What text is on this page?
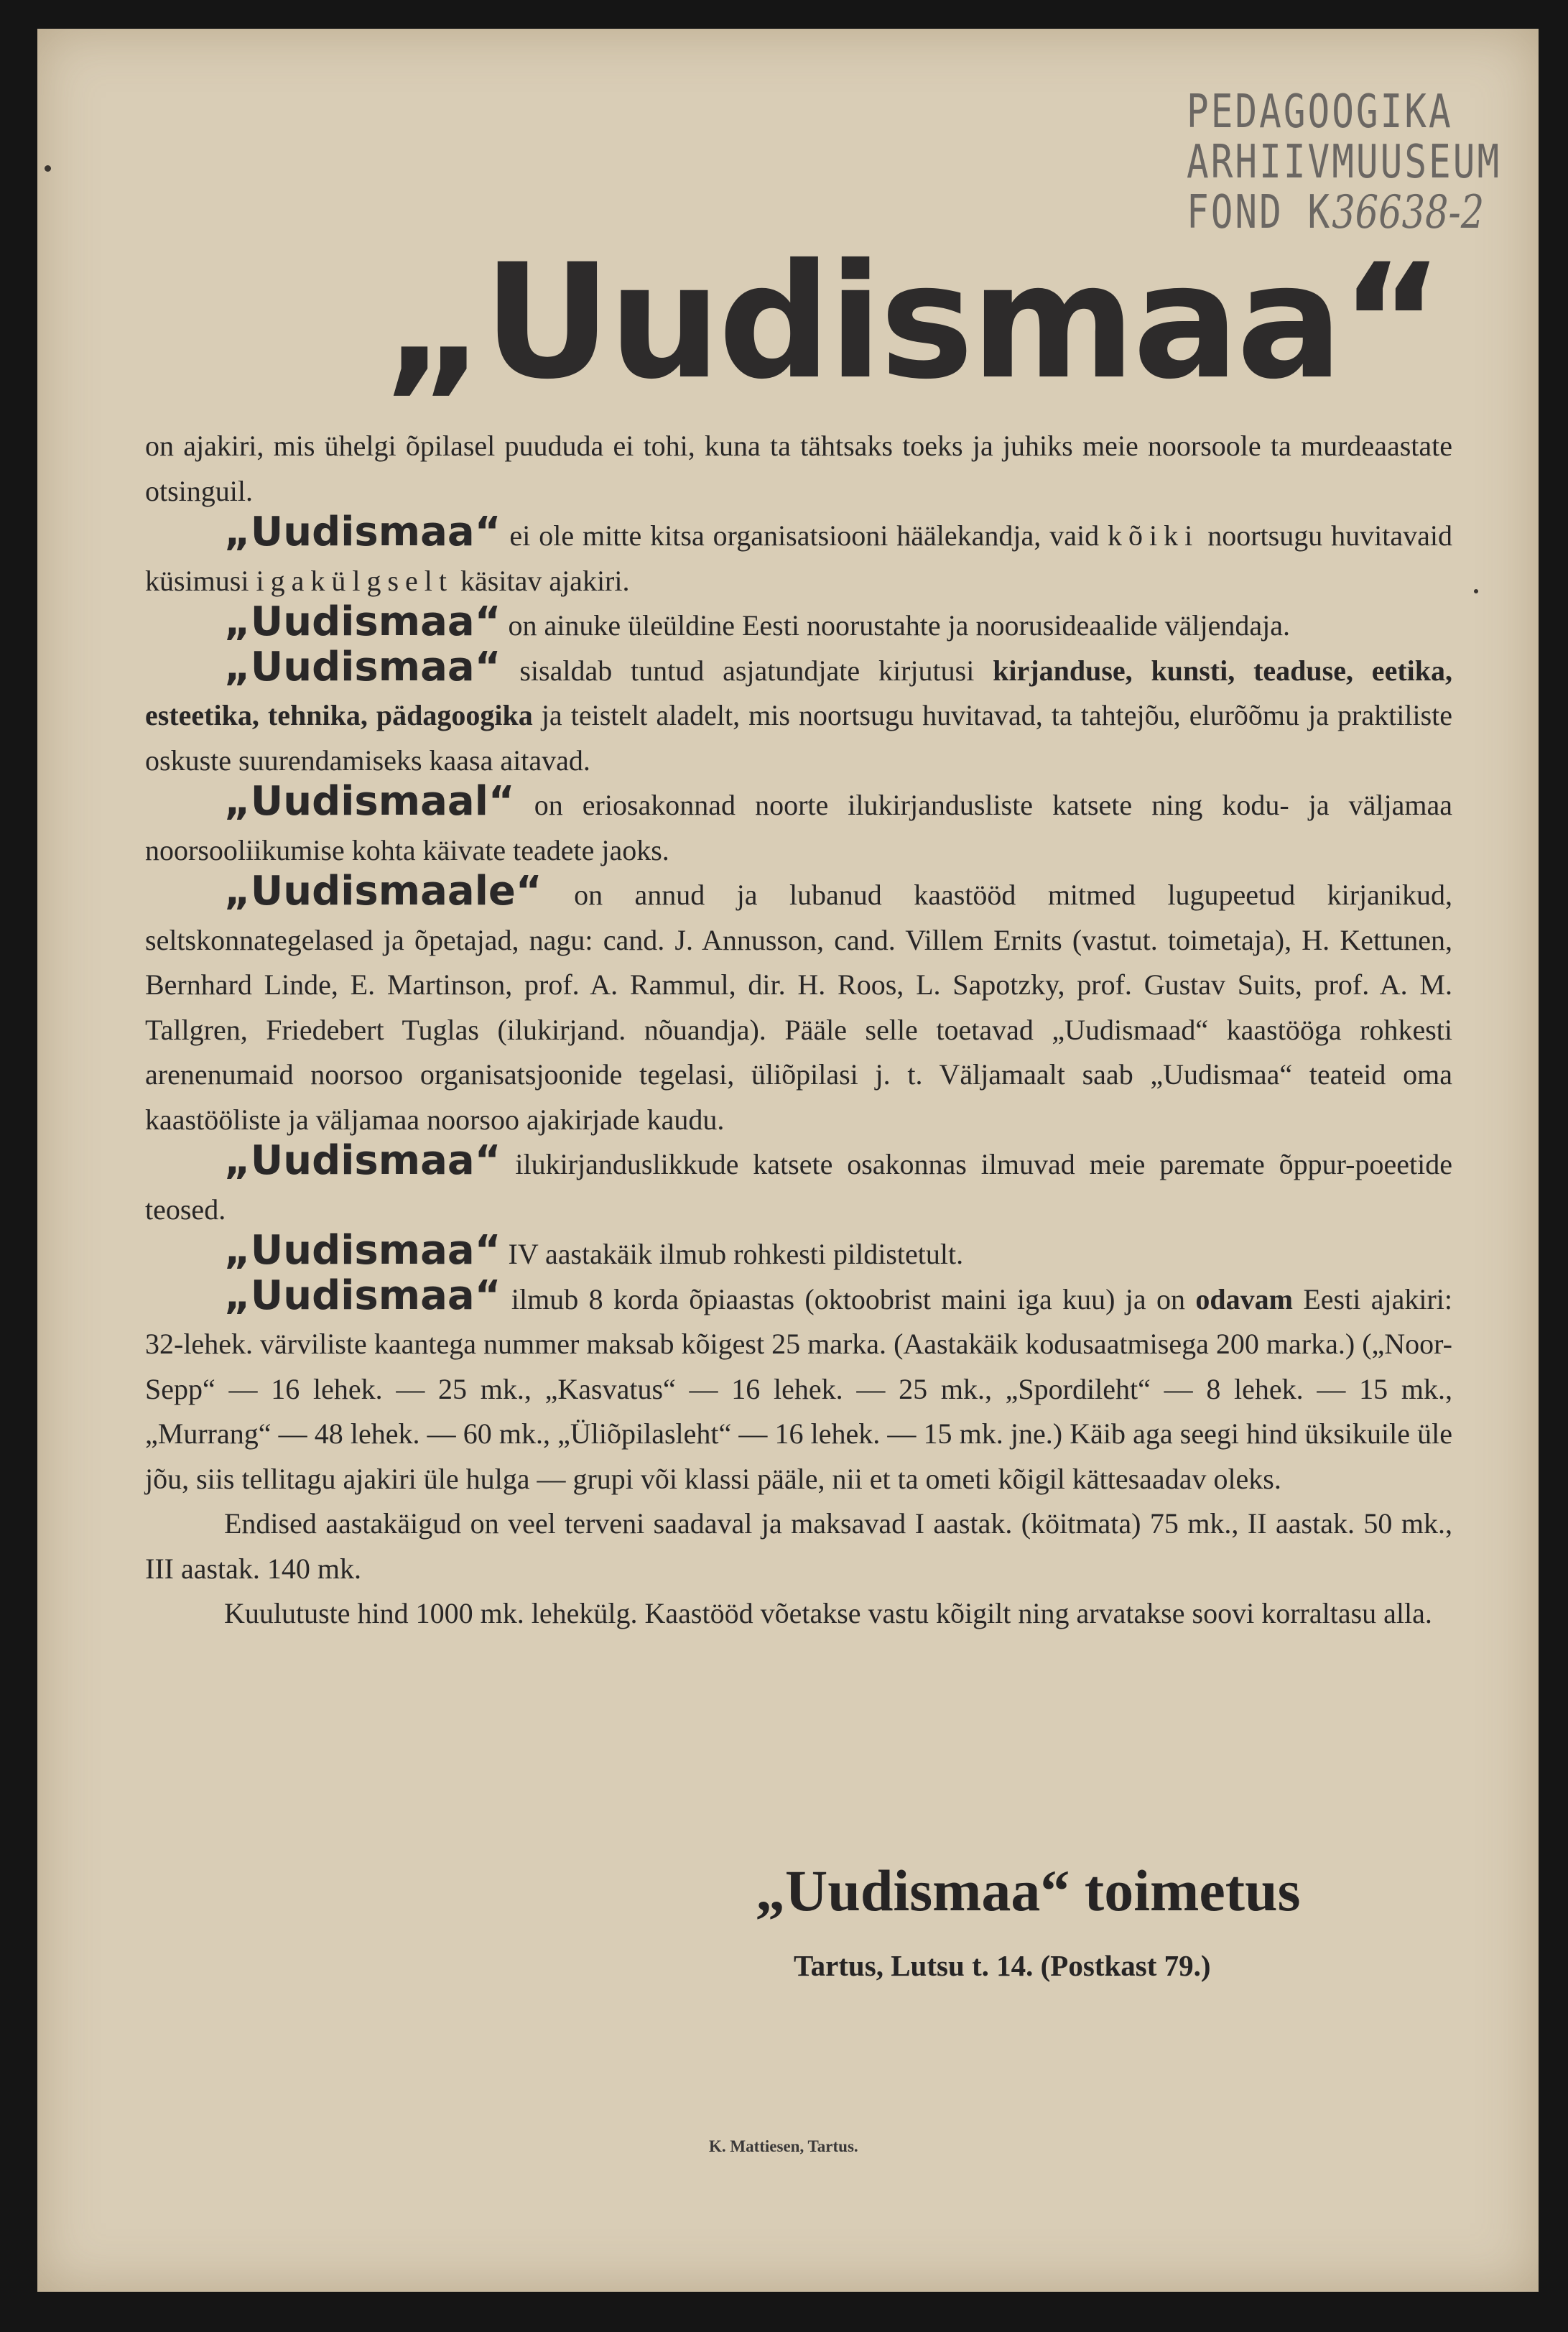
PEDAGOOGIKA
ARHIIVMUUSEUM
FOND K36638-2
„Uudismaa“

on ajakiri, mis ühelgi õpilasel puududa ei tohi, kuna ta tähtsaks toeks ja juhiks meie noorsoole ta murdeaastate otsinguil.

„Uudismaa“ ei ole mitte kitsa organisatsiooni häälekandja, vaid kõiki noortsugu huvitavaid küsimusi igakülgselt käsitav ajakiri.

„Uudismaa“ on ainuke üleüldine Eesti noorustahte ja noorusideaalide väljendaja.

„Uudismaa“ sisaldab tuntud asjatundjate kirjutusi kirjanduse, kunsti, teaduse, eetika, esteetika, tehnika, pädagoogika ja teistelt aladelt, mis noortsugu huvitavad, ta tahtejõu, elurõõmu ja praktiliste oskuste suurendamiseks kaasa aitavad.

„Uudismaal“ on eriosakonnad noorte ilukirjandusliste katsete ning kodu- ja väljamaa noorsooliikumise kohta käivate teadete jaoks.

„Uudismaale“ on annud ja lubanud kaastööd mitmed lugupeetud kirjanikud, seltskonnategelased ja õpetajad, nagu: cand. J. Annusson, cand. Villem Ernits (vastut. toimetaja), H. Kettunen, Bernhard Linde, E. Martinson, prof. A. Rammul, dir. H. Roos, L. Sapotzky, prof. Gustav Suits, prof. A. M. Tallgren, Friedebert Tuglas (ilukirjand. nõuandja). Pääle selle toetavad „Uudismaad“ kaastööga rohkesti arenenumaid noorsoo organisatsjoonide tegelasi, üliõpilasi j. t. Väljamaalt saab „Uudismaa“ teateid oma kaastööliste ja väljamaa noorsoo ajakirjade kaudu.

„Uudismaa“ ilukirjanduslikkude katsete osakonnas ilmuvad meie paremate õppur-poeetide teosed.

„Uudismaa“ IV aastakäik ilmub rohkesti pildistetult.

„Uudismaa“ ilmub 8 korda õpiaastas (oktoobrist maini iga kuu) ja on odavam Eesti ajakiri: 32-lehek. värviliste kaantega nummer maksab kõigest 25 marka. (Aastakäik kodusaatmisega 200 marka.) („Noor-Sepp“ — 16 lehek. — 25 mk., „Kasvatus“ — 16 lehek. — 25 mk., „Spordileht“ — 8 lehek. — 15 mk., „Murrang“ — 48 lehek. — 60 mk., „Üliõpilasleht“ — 16 lehek. — 15 mk. jne.) Käib aga seegi hind üksikuile üle jõu, siis tellitagu ajakiri üle hulga — grupi või klassi pääle, nii et ta ometi kõigil kättesaadav oleks.

Endised aastakäigud on veel terveni saadaval ja maksavad I aastak. (köitmata) 75 mk., II aastak. 50 mk., III aastak. 140 mk.

Kuulutuste hind 1000 mk. lehekülg. Kaastööd võetakse vastu kõigilt ning arvatakse soovi korraltasu alla.

„Uudismaa“ toimetus
Tartus, Lutsu t. 14. (Postkast 79.)
K. Mattiesen, Tartus.
